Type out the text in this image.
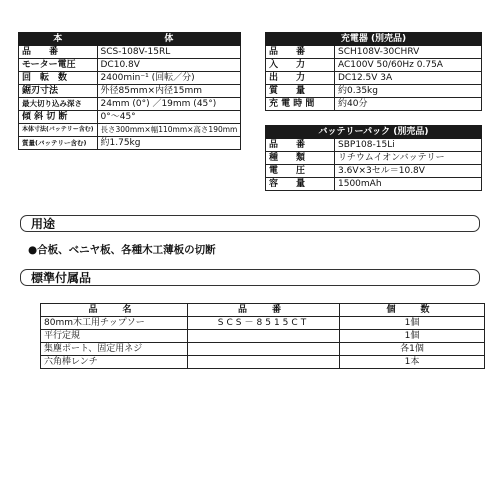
本	体
品　　番	SCS-108V-15RL
モーター電圧	DC10.8V
回　転　数	2400min⁻¹ (回転／分)
鋸刃寸法	外径85mm×内径15mm
最大切り込み深さ	24mm (0°) ／19mm (45°)
傾 斜 切 断	0°～45°
本体寸法(バッテリー含む)	長さ300mm×幅110mm×高さ190mm
質量(バッテリー含む)	約1.75kg
充電器 (別売品)	
品　　番	SCH108V-30CHRV
入　　力	AC100V 50/60Hz 0.75A
出　　力	DC12.5V 3A
質　　量	約0.35kg
充 電 時 間	約40分
バッテリーパック (別売品)	
品　　番	SBP108-15Li
種　　類	リチウムイオンバッテリー
電　　圧	3.6V×3セル＝10.8V
容　　量	1500mAh
用途
●合板、ベニヤ板、各種木工薄板の切断
標準付属品
品　名	品　番	個　数
80mm木工用チップソー	SCS－8515CT	1個
平行定規		1個
集塵ポート、固定用ネジ		各1個
六角棒レンチ		1本
